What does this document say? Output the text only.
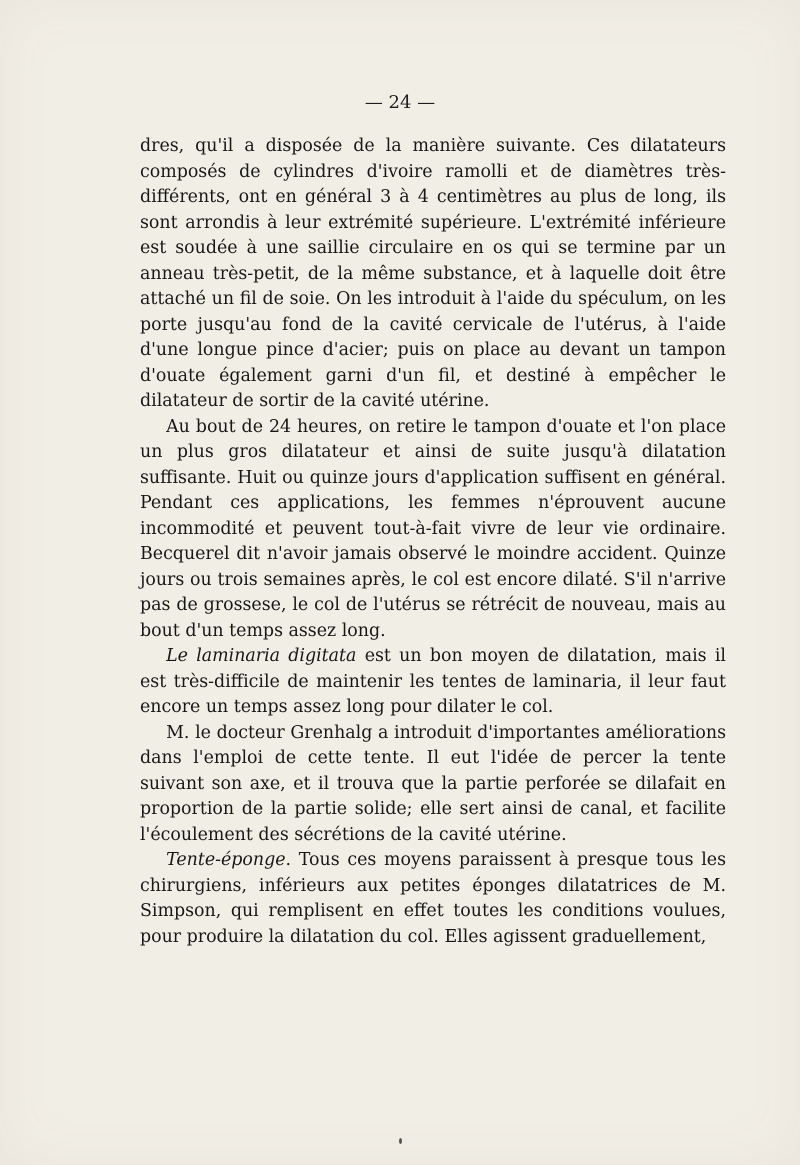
— 24 —

dres, qu'il a disposée de la manière suivante. Ces dilatateurs composés de cylindres d'ivoire ramolli et de diamètres très-différents, ont en général 3 à 4 centimètres au plus de long, ils sont arrondis à leur extrémité supérieure. L'extrémité inférieure est soudée à une saillie circulaire en os qui se termine par un anneau très-petit, de la même substance, et à laquelle doit être attaché un fil de soie. On les introduit à l'aide du spéculum, on les porte jusqu'au fond de la cavité cervicale de l'utérus, à l'aide d'une longue pince d'acier; puis on place au devant un tampon d'ouate également garni d'un fil, et destiné à empêcher le dilatateur de sortir de la cavité utérine.

Au bout de 24 heures, on retire le tampon d'ouate et l'on place un plus gros dilatateur et ainsi de suite jusqu'à dilatation suffisante. Huit ou quinze jours d'application suffisent en général. Pendant ces applications, les femmes n'éprouvent aucune incommodité et peuvent tout-à-fait vivre de leur vie ordinaire. Becquerel dit n'avoir jamais observé le moindre accident. Quinze jours ou trois semaines après, le col est encore dilaté. S'il n'arrive pas de grossese, le col de l'utérus se rétrécit de nouveau, mais au bout d'un temps assez long.

Le laminaria digitata est un bon moyen de dilatation, mais il est très-difficile de maintenir les tentes de laminaria, il leur faut encore un temps assez long pour dilater le col.

M. le docteur Grenhalg a introduit d'importantes améliorations dans l'emploi de cette tente. Il eut l'idée de percer la tente suivant son axe, et il trouva que la partie perforée se dilafait en proportion de la partie solide; elle sert ainsi de canal, et facilite l'écoulement des sécrétions de la cavité utérine.

Tente-éponge. Tous ces moyens paraissent à presque tous les chirurgiens, inférieurs aux petites éponges dilatatrices de M. Simpson, qui remplisent en effet toutes les conditions voulues, pour produire la dilatation du col. Elles agissent graduellement,
